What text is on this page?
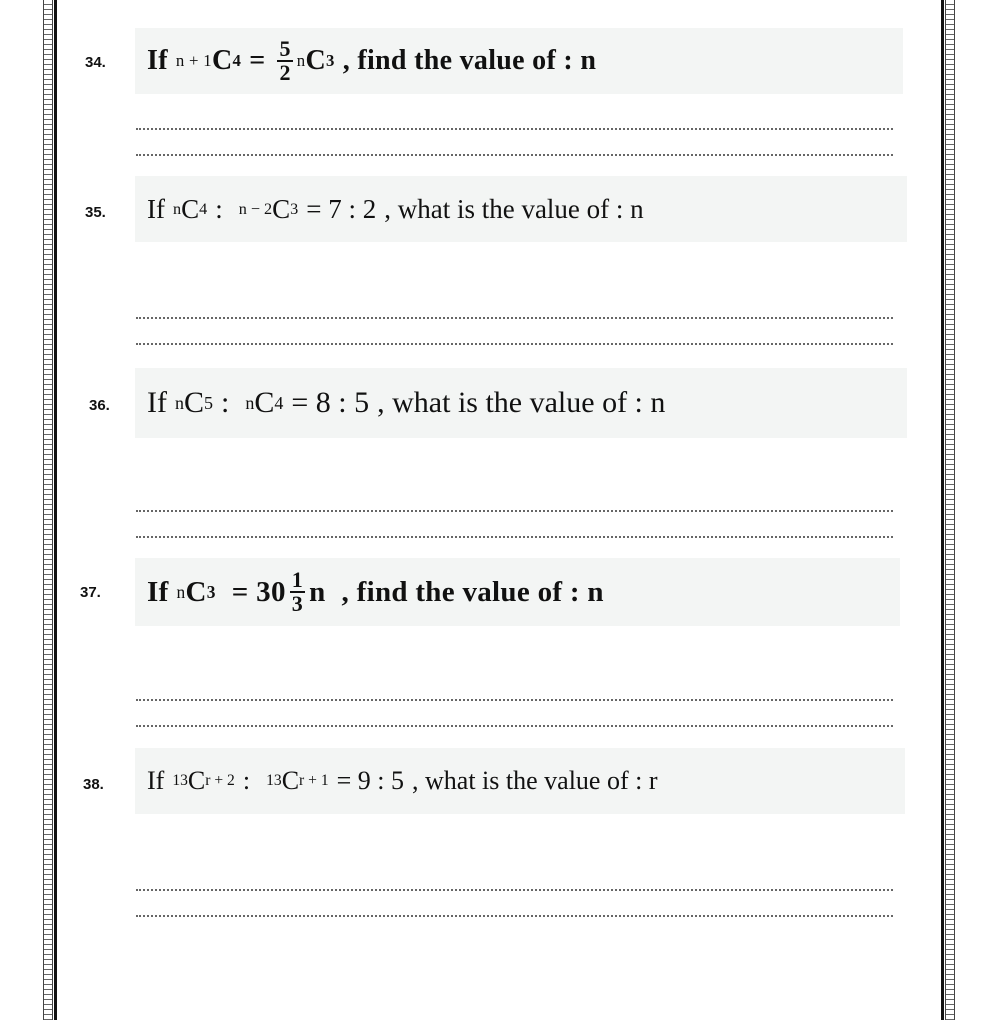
34. If n + 1 C $4 = \frac{5}{2}$ n C 3 , find the value of : n
35. If n C 4 : n − 2 C 3 = 7 : 2 , what is the value of : n
36. If n C 5 : n C 4 = 8 : 5 , what is the value of : n
37. If n C $3 = 30 \frac{1}{3}$ n , find the value of : n
38. If 13 C r + 2 : 13 C r + 1 = 9 : 5 , what is the value of : r
